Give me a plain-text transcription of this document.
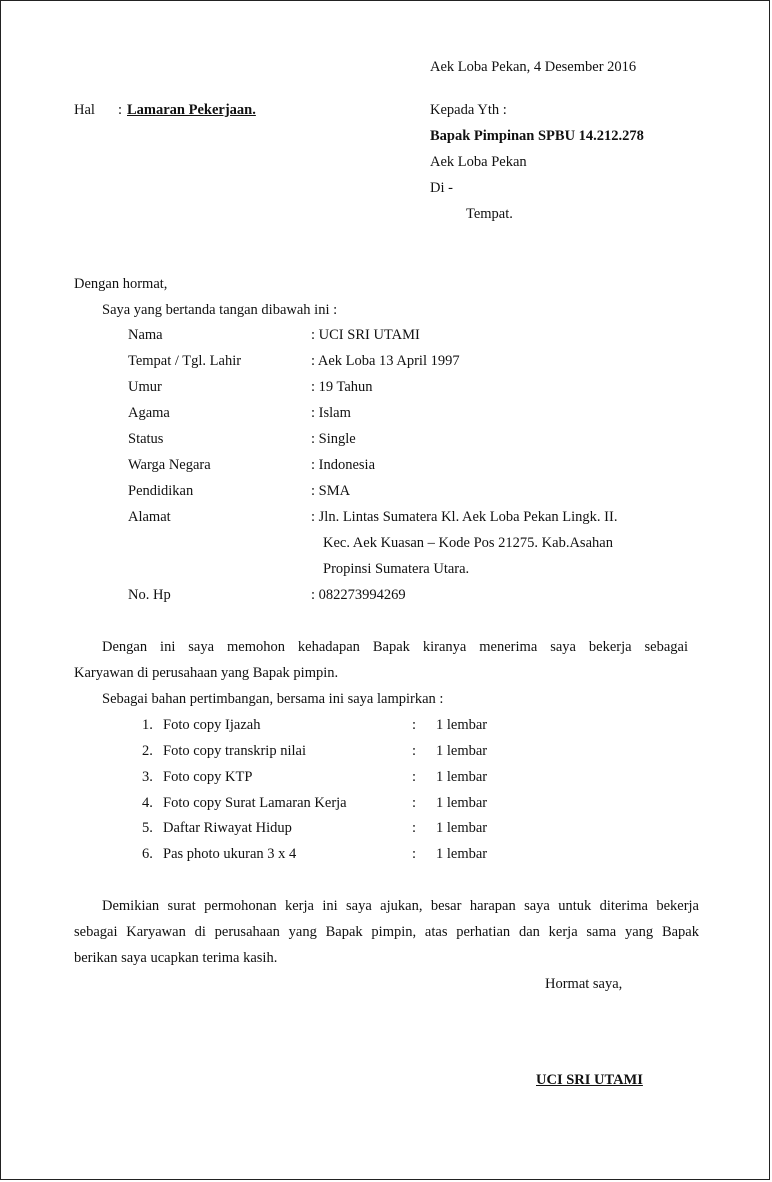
Aek Loba Pekan, 4 Desember 2016
Hal : Lamaran Pekerjaan.	Kepada Yth :
Bapak Pimpinan SPBU 14.212.278
Aek Loba Pekan
Di -
Tempat.
Dengan hormat,
Saya yang bertanda tangan dibawah ini :
Nama	: UCI SRI UTAMI
Tempat / Tgl. Lahir	: Aek Loba 13 April 1997
Umur	: 19 Tahun
Agama	: Islam
Status	: Single
Warga Negara	: Indonesia
Pendidikan	: SMA
Alamat	: Jln. Lintas Sumatera Kl. Aek Loba Pekan Lingk. II.
Kec. Aek Kuasan – Kode Pos 21275. Kab.Asahan
Propinsi Sumatera Utara.
No. Hp	: 082273994269
Dengan ini saya memohon kehadapan Bapak kiranya menerima saya bekerja sebagai
Karyawan di perusahaan yang Bapak pimpin.
Sebagai bahan pertimbangan, bersama ini saya lampirkan :
1. Foto copy Ijazah	: 1 lembar
2. Foto copy transkrip nilai	: 1 lembar
3. Foto copy KTP	: 1 lembar
4. Foto copy Surat Lamaran Kerja	: 1 lembar
5. Daftar Riwayat Hidup	: 1 lembar
6. Pas photo ukuran 3 x 4	: 1 lembar
Demikian surat permohonan kerja ini saya ajukan, besar harapan saya untuk diterima bekerja
sebagai Karyawan di perusahaan yang Bapak pimpin, atas perhatian dan kerja sama yang Bapak
berikan saya ucapkan terima kasih.
Hormat saya,
UCI SRI UTAMI
